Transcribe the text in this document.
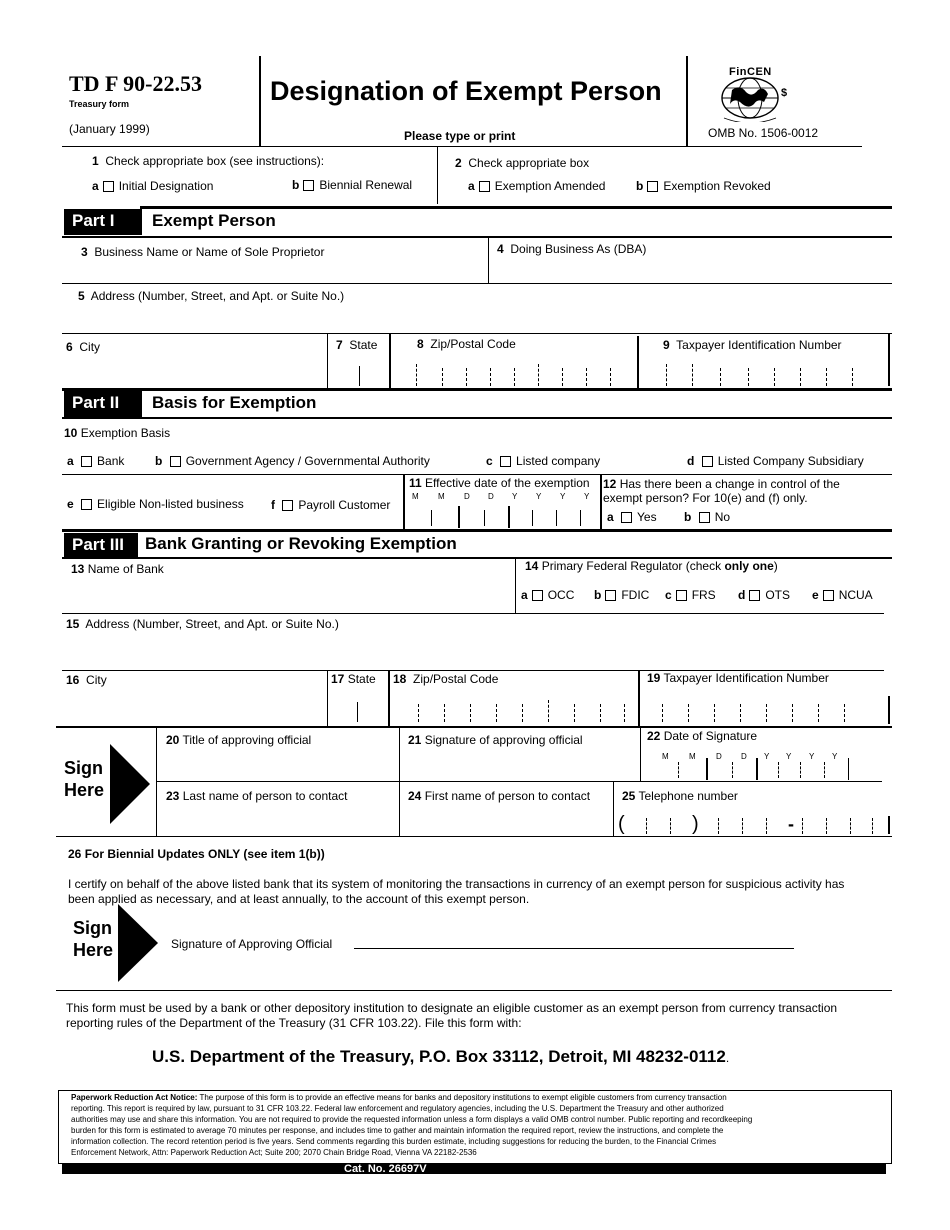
TD F 90-22.53
Treasury form
(January 1999)
Designation of Exempt Person
Please type or print
$
FinCEN
OMB No. 1506-0012
1 Check appropriate box (see instructions):
a Initial Designation	b Biennial Renewal
2 Check appropriate box
a Exemption Amended	b Exemption Revoked
Part I	Exempt Person
3 Business Name or Name of Sole Proprietor	4 Doing Business As (DBA)
5 Address (Number, Street, and Apt. or Suite No.)
6 City	7 State	8 Zip/Postal Code	9 Taxpayer Identification Number
Part II	Basis for Exemption
10 Exemption Basis
a Bank	b Government Agency / Governmental Authority	c Listed company	d Listed Company Subsidiary
e Eligible Non-listed business f Payroll Customer
11 Effective date of the exemption
M M D D Y Y Y Y
12 Has there been a change in control of the
exempt person? For 10(e) and (f) only.
a Yes b No
Part III	Bank Granting or Revoking Exemption
13 Name of Bank	14 Primary Federal Regulator (check only one)
a OCC b FDIC c FRS d OTS e NCUA
15 Address (Number, Street, and Apt. or Suite No.)
16 City	17 State 18 Zip/Postal Code	19 Taxpayer Identification Number
Sign
Here
20 Title of approving official	21 Signature of approving official	22 Date of Signature
M	M	D D Y Y Y Y
23 Last name of person to contact	24 First name of person to contact	25 Telephone number
(	)	-
26 For Biennial Updates ONLY (see item 1(b))
I certify on behalf of the above listed bank that its system of monitoring the transactions in currency of an exempt person for suspicious activity has
been applied as necessary, and at least annually, to the account of this exempt person.
Sign
Here	Signature of Approving Official
This form must be used by a bank or other depository institution to designate an eligible customer as an exempt person from currency transaction
reporting rules of the Department of the Treasury (31 CFR 103.22). File this form with:
U.S. Department of the Treasury, P.O. Box 33112, Detroit, MI 48232-0112.
Paperwork Reduction Act Notice: The purpose of this form is to provide an effective means for banks and depository institutions to exempt eligible customers from currency transaction
reporting. This report is required by law, pursuant to 31 CFR 103.22. Federal law enforcement and regulatory agencies, including the U.S. Department the Treasury and other authorized
authorities may use and share this information. You are not required to provide the requested information unless a form displays a valid OMB control number. Public reporting and recordkeeping
burden for this form is estimated to average 70 minutes per response, and includes time to gather and maintain information the required report, review the instructions, and complete the
information collection. The record retention period is five years. Send comments regarding this burden estimate, including suggestions for reducing the burden, to the Financial Crimes
Enforcement Network, Attn: Paperwork Reduction Act; Suite 200; 2070 Chain Bridge Road, Vienna VA 22182-2536
Cat. No. 26697V
